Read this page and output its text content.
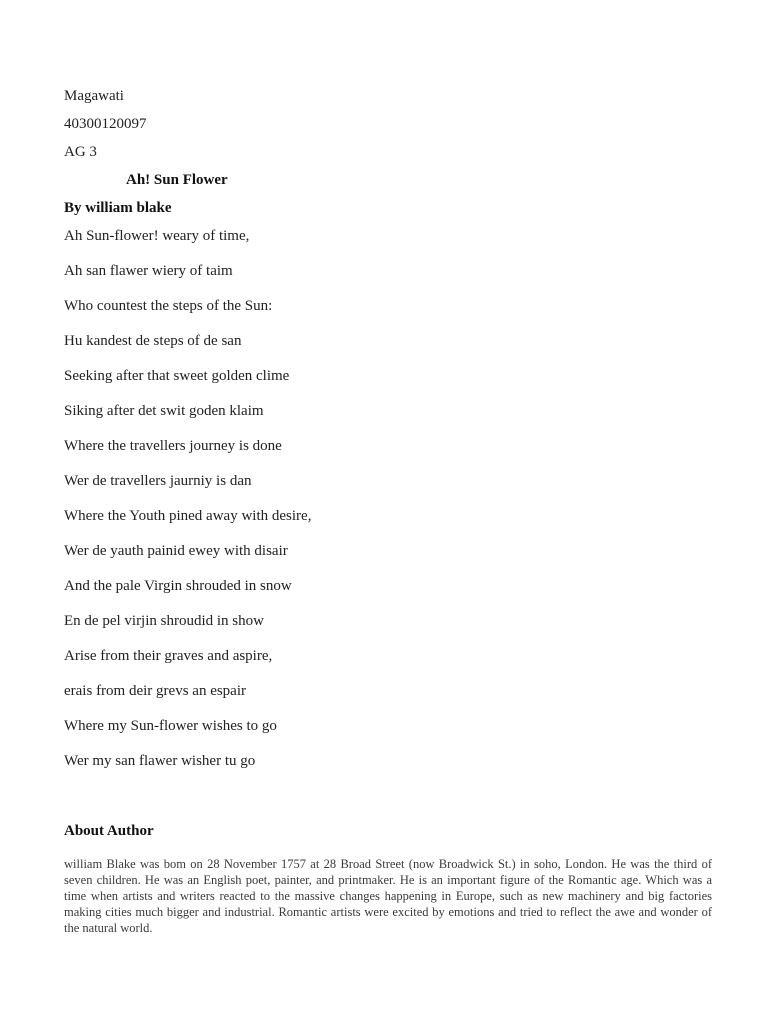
Magawati
40300120097
AG 3
Ah! Sun Flower
By william blake
Ah Sun-flower! weary of time,
Ah san flawer wiery of taim
Who countest the steps of the Sun:
Hu kandest de steps of de san
Seeking after that sweet golden clime
Siking after det swit goden klaim
Where the travellers journey is done
Wer de travellers jaurniy is dan
Where the Youth pined away with desire,
Wer de yauth painid ewey with disair
And the pale Virgin shrouded in snow
En de pel virjin shroudid in show
Arise from their graves and aspire,
erais from deir grevs an espair
Where my Sun-flower wishes to go
Wer my san flawer wisher tu go
About Author

william Blake was bom on 28 November 1757 at 28 Broad Street (now Broadwick St.) in soho, London. He was the third of seven children. He was an English poet, painter, and printmaker. He is an important figure of the Romantic age. Which was a time when artists and writers reacted to the massive changes happening in Europe, such as new machinery and big factories making cities much bigger and industrial. Romantic artists were excited by emotions and tried to reflect the awe and wonder of the natural world.
